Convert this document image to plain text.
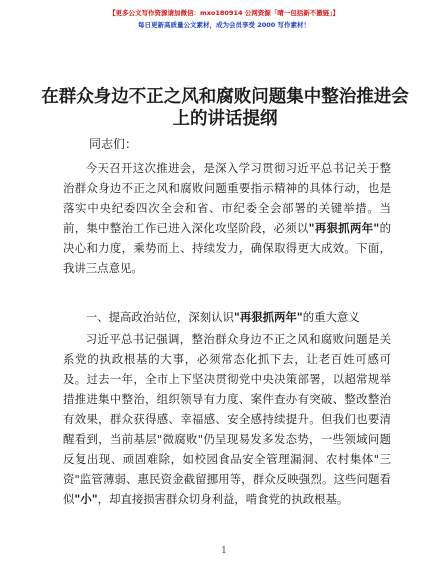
【更多公文写作资源请加微信：mxo180914 公网资源「晴一包括新不撤链」】
每日更新高质量公文素材，成为会员享受 2000 写作素材！
在群众身边不正之风和腐败问题集中整治推进会上的讲话提纲
同志们：
今天召开这次推进会，是深入学习贯彻习近平总书记关于整治群众身边不正之风和腐败问题重要指示精神的具体行动，也是落实中央纪委四次全会和省、市纪委全会部署的关键举措。当前，集中整治工作已进入深化攻坚阶段，必须以"再狠抓两年"的决心和力度，乘势而上、持续发力，确保取得更大成效。下面，我讲三点意见。
一、提高政治站位，深刻认识"再狠抓两年"的重大意义
习近平总书记强调，整治群众身边不正之风和腐败问题是关系党的执政根基的大事，必须常态化抓下去，让老百姓可感可及。过去一年，全市上下坚决贯彻党中央决策部署，以超常规举措推进集中整治，组织领导有力度、案件查办有突破、整改整治有效果，群众获得感、幸福感、安全感持续提升。但我们也要清醒看到，当前基层"微腐败"仍呈现易发多发态势，一些领域问题反复出现、顽固难除，如校园食品安全管理漏洞、农村集体"三资"监管薄弱、惠民资金截留挪用等，群众反映强烈。这些问题看似"小"，却直接损害群众切身利益，啃食党的执政根基。
1
